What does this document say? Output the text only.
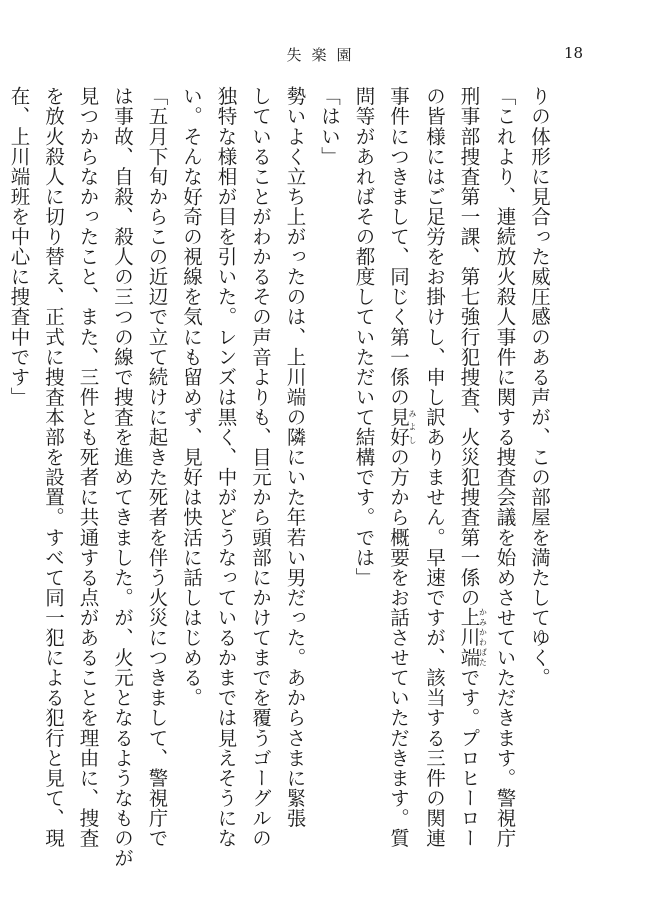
失楽園	18
りの体形に見合った威圧感のある声が、この部屋を満たしてゆく。
「これより、連続放火殺人事件に関する捜査会議を始めさせていただきます。警視庁
刑事部捜査第一課、第七強行犯捜査、火災犯捜査第一係の上川端かみかわばたです。プロヒーロー
の皆様にはご足労をお掛けし、申し訳ありません。早速ですが、該当する三件の関連
事件につきまして、同じく第一係の見好みよしの方から概要をお話させていただきます。質
問等があればその都度していただいて結構です。では」
「はい」
勢いよく立ち上がったのは、上川端の隣にいた年若い男だった。あからさまに緊張
していることがわかるその声音よりも、目元から頭部にかけてまでを覆うゴーグルの
独特な様相が目を引いた。レンズは黒く、中がどうなっているかまでは見えそうにな
い。そんな好奇の視線を気にも留めず、見好は快活に話しはじめる。
「五月下旬からこの近辺で立て続けに起きた死者を伴う火災につきまして、警視庁で
は事故、自殺、殺人の三つの線で捜査を進めてきました。が、火元となるようなものが
見つからなかったこと、また、三件とも死者に共通する点があることを理由に、捜査
を放火殺人に切り替え、正式に捜査本部を設置。すべて同一犯による犯行と見て、現
在、上川端班を中心に捜査中です」
